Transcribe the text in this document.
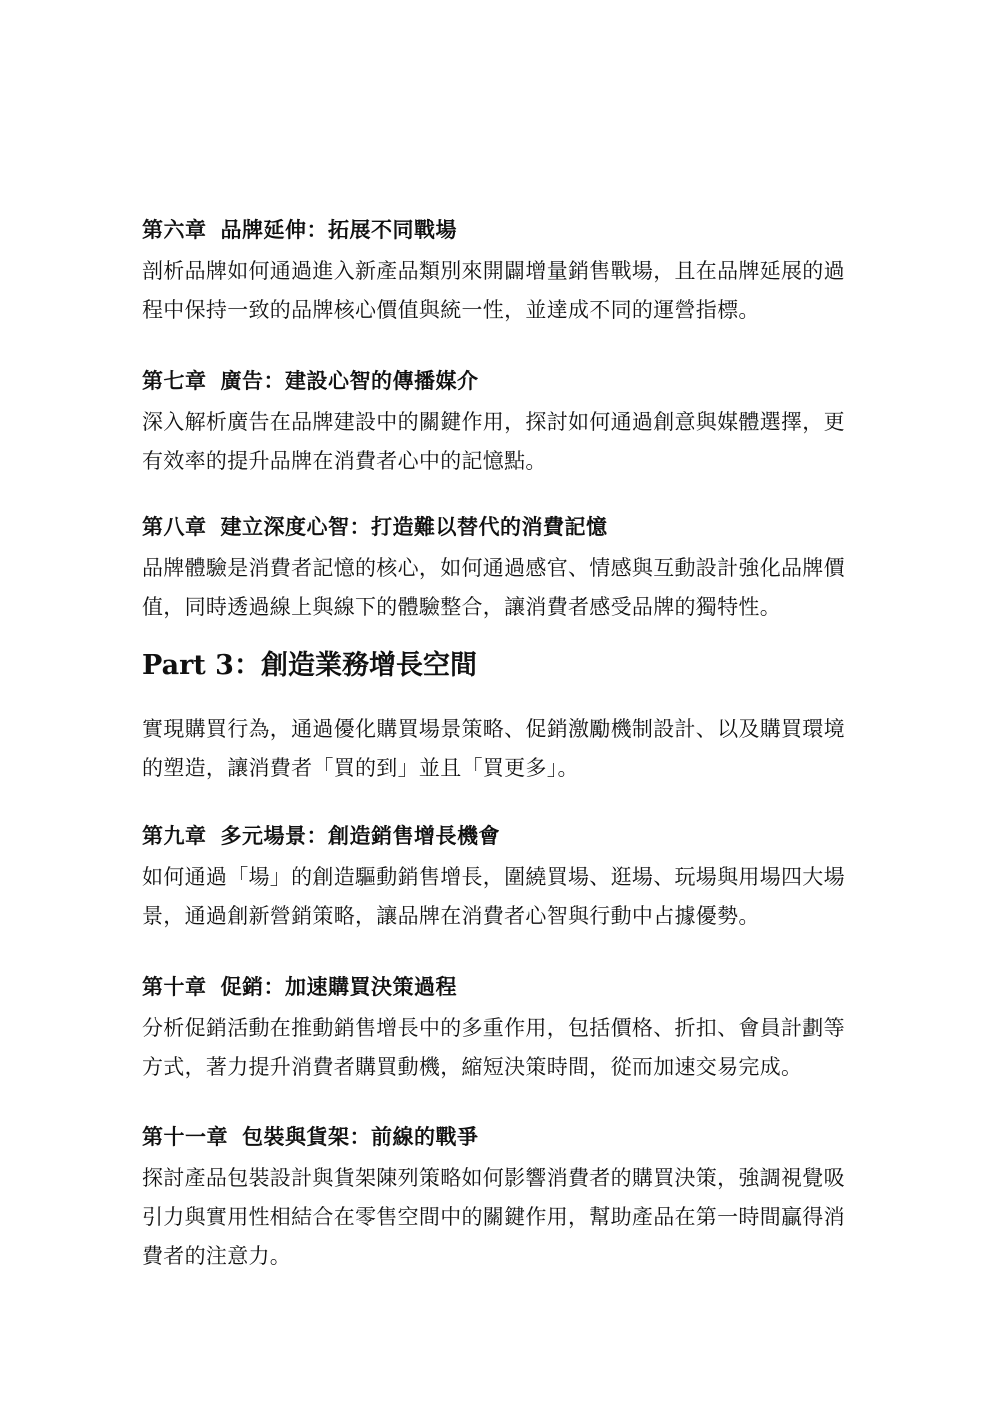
第六章 品牌延伸：拓展不同戰場
剖析品牌如何通過進入新產品類別來開闢增量銷售戰場，且在品牌延展的過程中保持一致的品牌核心價值與統一性，並達成不同的運營指標。
第七章 廣告：建設心智的傳播媒介
深入解析廣告在品牌建設中的關鍵作用，探討如何通過創意與媒體選擇，更有效率的提升品牌在消費者心中的記憶點。
第八章 建立深度心智：打造難以替代的消費記憶
品牌體驗是消費者記憶的核心，如何通過感官、情感與互動設計強化品牌價值，同時透過線上與線下的體驗整合，讓消費者感受品牌的獨特性。
Part 3：創造業務增長空間
實現購買行為，通過優化購買場景策略、促銷激勵機制設計、以及購買環境的塑造，讓消費者「買的到」並且「買更多」。
第九章 多元場景：創造銷售增長機會
如何通過「場」的創造驅動銷售增長，圍繞買場、逛場、玩場與用場四大場景，通過創新營銷策略，讓品牌在消費者心智與行動中占據優勢。
第十章 促銷：加速購買決策過程
分析促銷活動在推動銷售增長中的多重作用，包括價格、折扣、會員計劃等方式，著力提升消費者購買動機，縮短決策時間，從而加速交易完成。
第十一章 包裝與貨架：前線的戰爭
探討產品包裝設計與貨架陳列策略如何影響消費者的購買決策，強調視覺吸引力與實用性相結合在零售空間中的關鍵作用，幫助產品在第一時間贏得消費者的注意力。
